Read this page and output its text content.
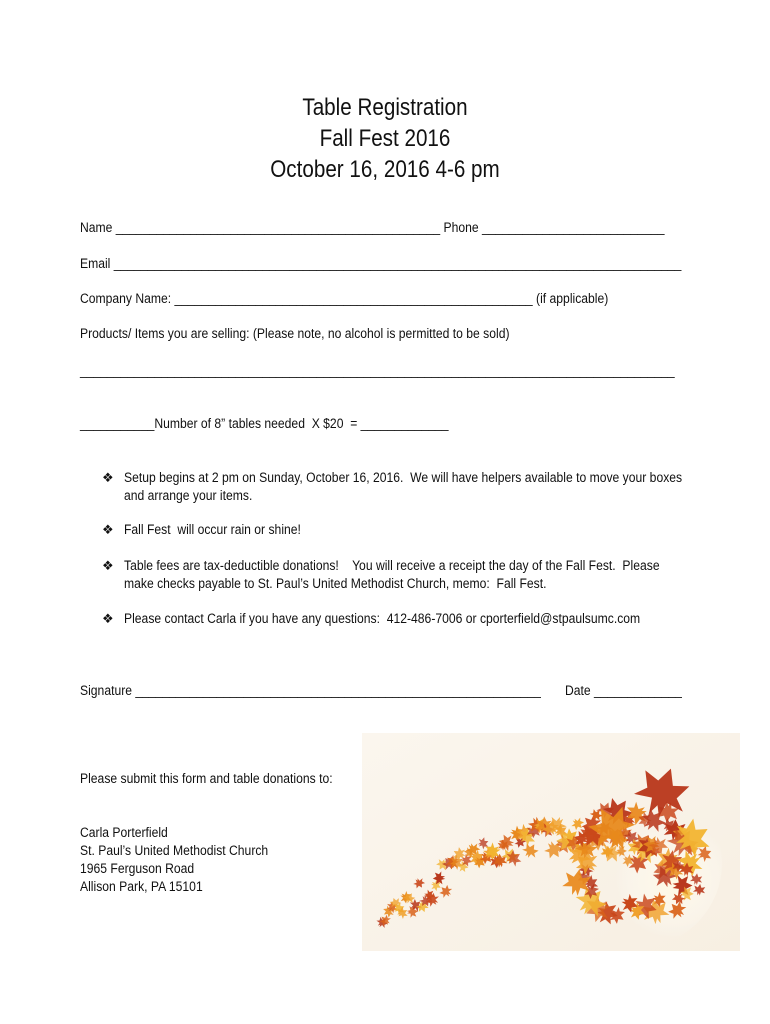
Table Registration
Fall Fest 2016
October 16, 2016 4-6 pm
Name ________________________________________________ Phone ___________________________
Email ____________________________________________________________________________________
Company Name: _____________________________________________________ (if applicable)
Products/ Items you are selling: (Please note, no alcohol is permitted to be sold)
________________________________________________________________________________________
___________Number of 8” tables needed  X $20  = _____________
❖ Setup begins at 2 pm on Sunday, October 16, 2016.  We will have helpers available to move your boxes
and arrange your items.
❖ Fall Fest  will occur rain or shine!
❖ Table fees are tax-deductible donations!    You will receive a receipt the day of the Fall Fest.  Please
make checks payable to St. Paul’s United Methodist Church, memo:  Fall Fest.
❖ Please contact Carla if you have any questions:  412-486-7006 or cporterfield@stpaulsumc.com
Signature ____________________________________________________________ Date _____________
Please submit this form and table donations to:
Carla Porterfield
St. Paul’s United Methodist Church
1965 Ferguson Road
Allison Park, PA 15101
